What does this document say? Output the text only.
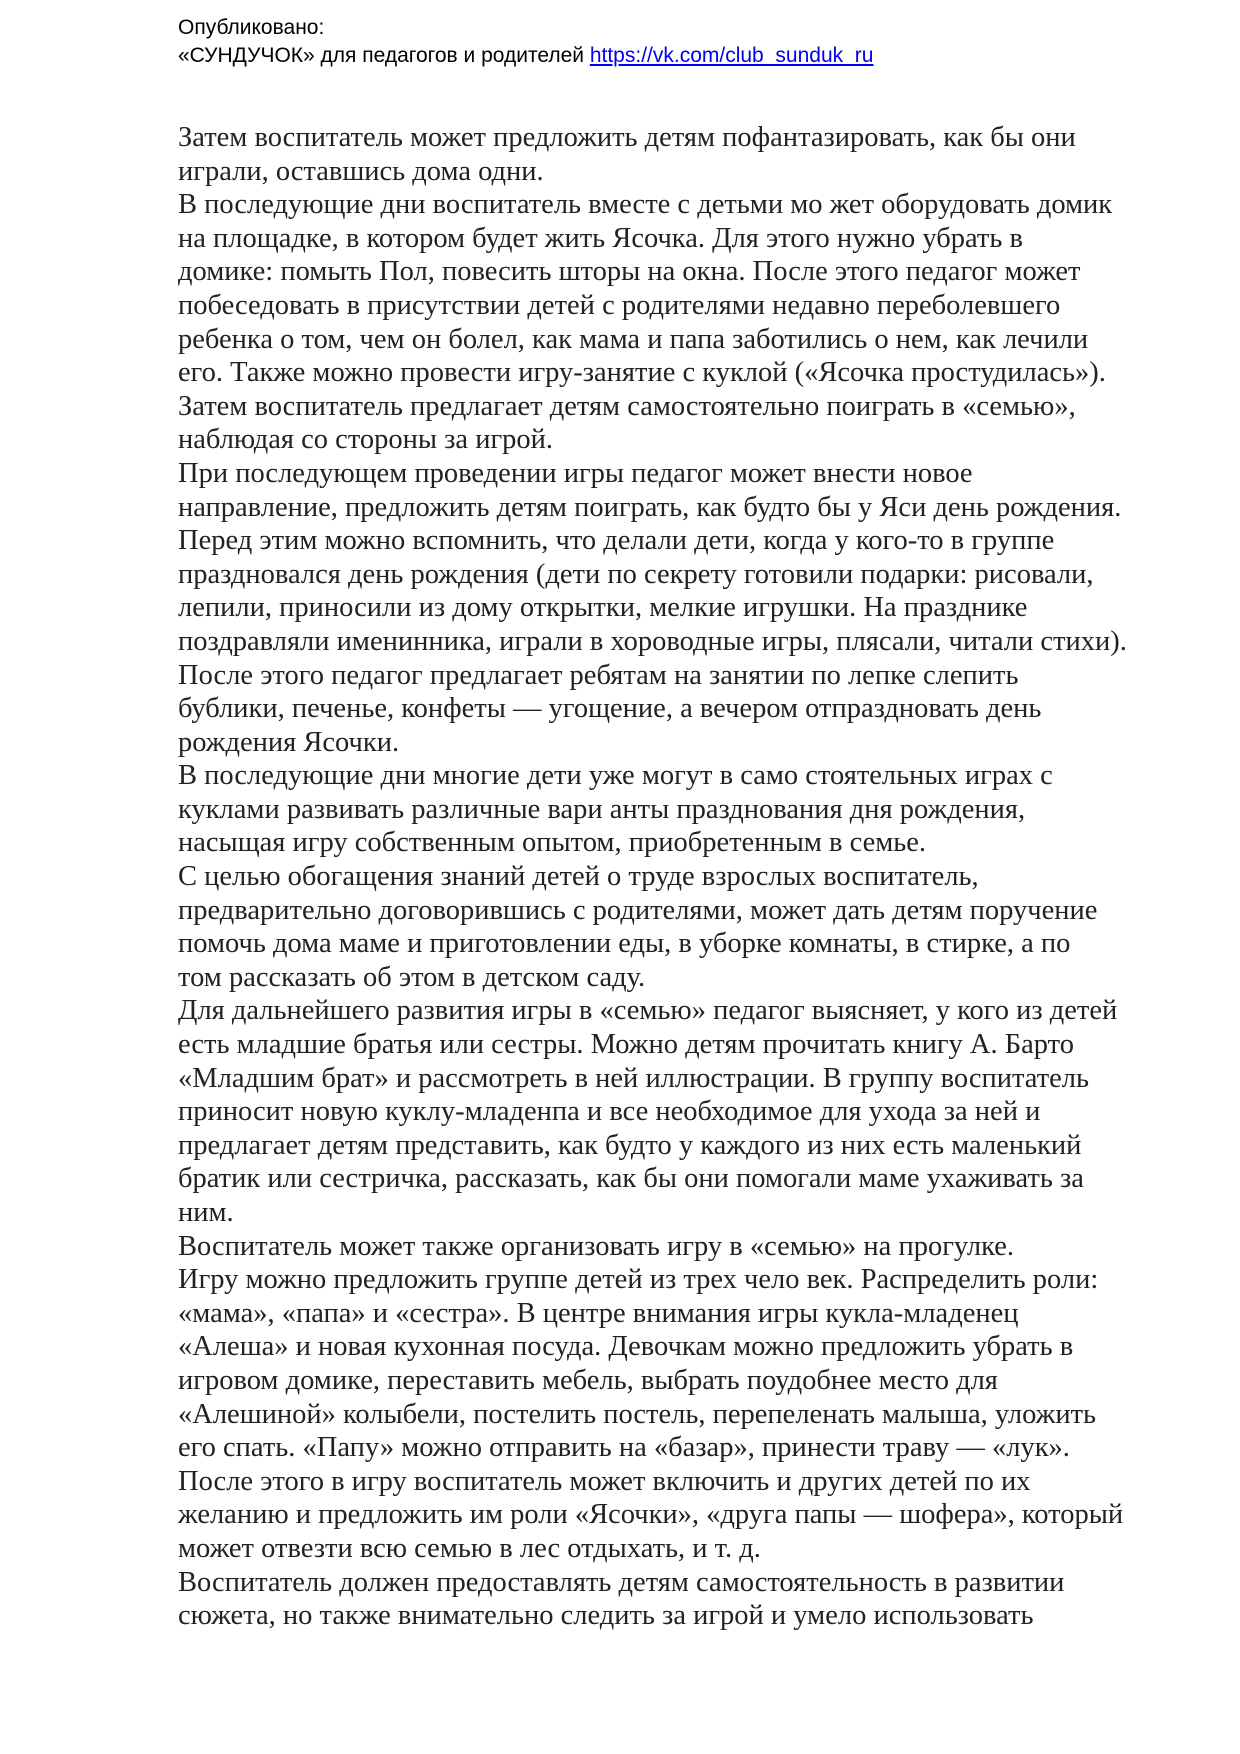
Опубликовано:
«СУНДУЧОК» для педагогов и родителей https://vk.com/club_sunduk_ru
Затем воспитатель может предложить детям пофантазировать, как бы они
играли, оставшись дома одни.
В последующие дни воспитатель вместе с детьми мо жет оборудовать домик
на площадке, в котором будет жить Ясочка. Для этого нужно убрать в
домике: помыть Пол, повесить шторы на окна. После этого педагог может
побеседовать в присутствии детей с родителями недавно переболевшего
ребенка о том, чем он болел, как мама и папа заботились о нем, как лечили
его. Также можно провести игру-занятие с куклой («Ясочка простудилась»).
Затем воспитатель предлагает детям самостоятельно поиграть в «семью»,
наблюдая со стороны за игрой.
При последующем проведении игры педагог может внести новое
направление, предложить детям поиграть, как будто бы у Яси день рождения.
Перед этим можно вспомнить, что делали дети, когда у кого-то в группе
праздновался день рождения (дети по секрету готовили подарки: рисовали,
лепили, приносили из дому открытки, мелкие игрушки. На празднике
поздравляли именинника, играли в хороводные игры, плясали, читали стихи).
После этого педагог предлагает ребятам на занятии по лепке слепить
бублики, печенье, конфеты — угощение, а вечером отпраздновать день
рождения Ясочки.
В последующие дни многие дети уже могут в само стоятельных играх с
куклами развивать различные вари анты празднования дня рождения,
насыщая игру собственным опытом, приобретенным в семье.
С целью обогащения знаний детей о труде взрослых воспитатель,
предварительно договорившись с родителями, может дать детям поручение
помочь дома маме и приготовлении еды, в уборке комнаты, в стирке, а по
том рассказать об этом в детском саду.
Для дальнейшего развития игры в «семью» педагог выясняет, у кого из детей
есть младшие братья или сестры. Можно детям прочитать книгу А. Барто
«Младшим брат» и рассмотреть в ней иллюстрации. В группу воспитатель
приносит новую куклу-младенпа и все необходимое для ухода за ней и
предлагает детям представить, как будто у каждого из них есть маленький
братик или сестричка, рассказать, как бы они помогали маме ухаживать за
ним.
Воспитатель может также организовать игру в «семью» на прогулке.
Игру можно предложить группе детей из трех чело век. Распределить роли:
«мама», «папа» и «сестра». В центре внимания игры кукла-младенец
«Алеша» и новая кухонная посуда. Девочкам можно предложить убрать в
игровом домике, переставить мебель, выбрать поудобнее место для
«Алешиной» колыбели, постелить постель, перепеленать малыша, уложить
его спать. «Папу» можно отправить на «базар», принести траву — «лук».
После этого в игру воспитатель может включить и других детей по их
желанию и предложить им роли «Ясочки», «друга папы — шофера», который
может отвезти всю семью в лес отдыхать, и т. д.
Воспитатель должен предоставлять детям самостоятельность в развитии
сюжета, но также внимательно следить за игрой и умело использовать
